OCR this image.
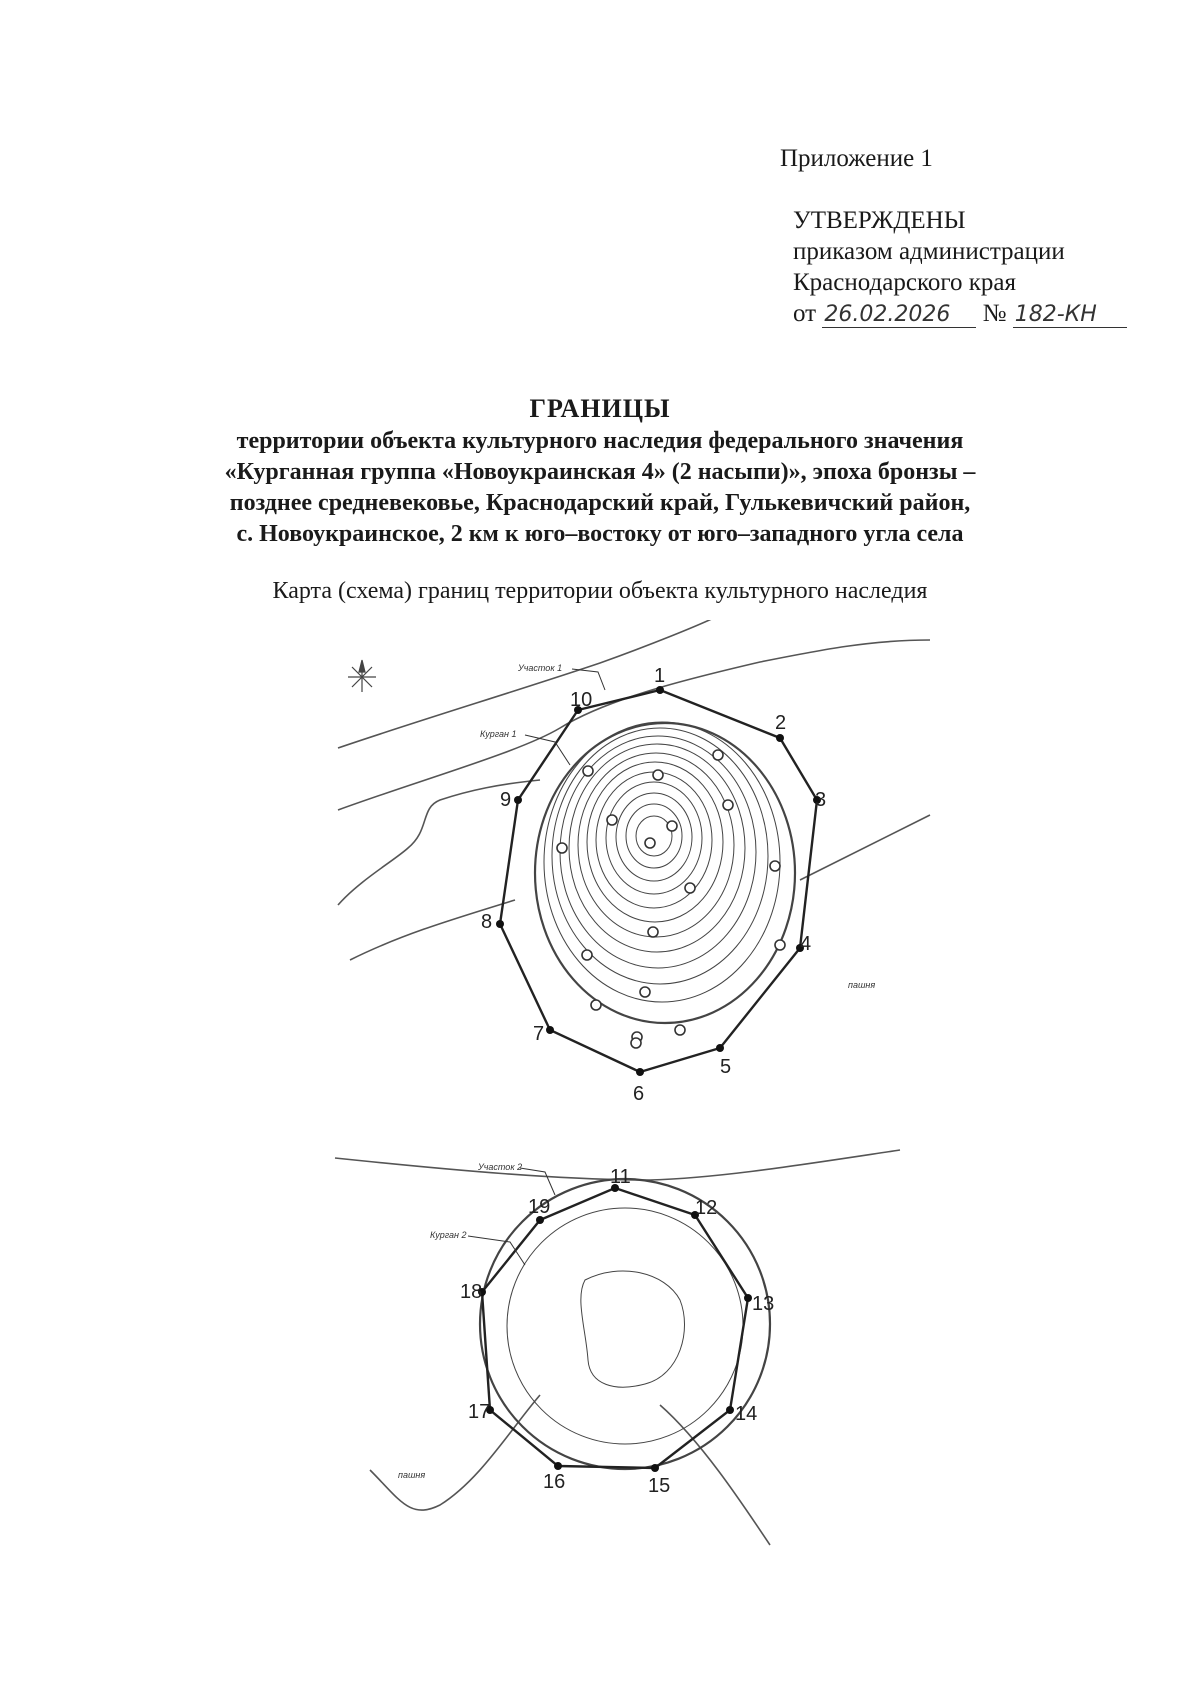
Приложение 1
УТВЕРЖДЕНЫ
приказом администрации
Краснодарского края
от 26.02.2026 № 182-КН
ГРАНИЦЫ
территории объекта культурного наследия федерального значения
«Курганная группа «Новоукраинская 4» (2 насыпи)», эпоха бронзы –
позднее средневековье, Краснодарский край, Гулькевичский район,
с. Новоукраинское, 2 км к юго–востоку от юго–западного угла села
Карта (схема) границ территории объекта культурного наследия
Участок 1
Курган 1
Участок 2
Курган 2
пашня
пашня
1
2
3
4
5
6
7
8
9
10
11
12
13
14
15
16
17
18
19
